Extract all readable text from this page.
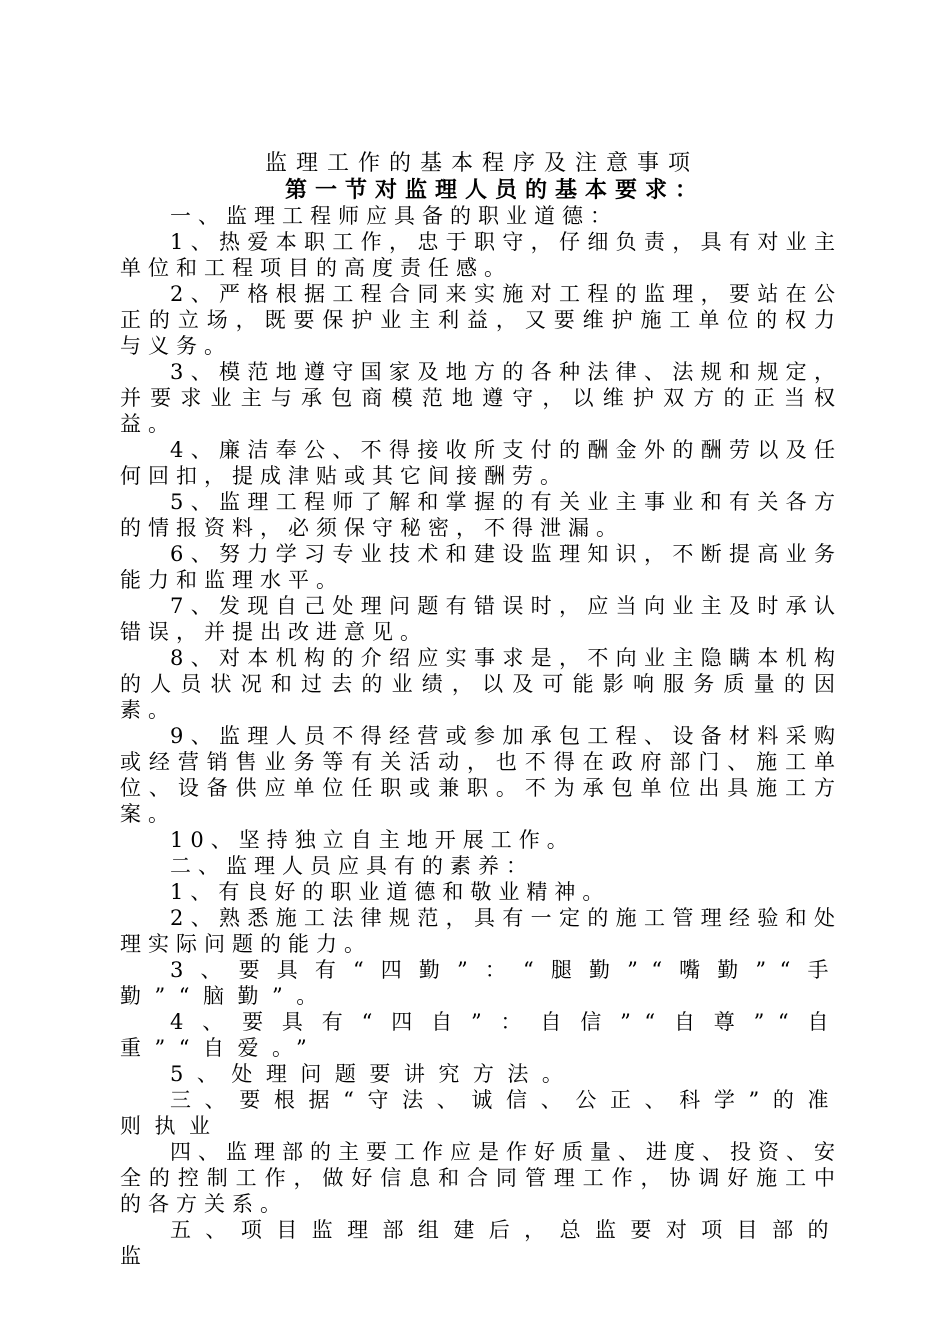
监理工作的基本程序及注意事项
第一节对监理人员的基本要求：

一、监理工程师应具备的职业道德：

1、热爱本职工作，忠于职守，仔细负责，具有对业主单位和工程项目的高度责任感。

2、严格根据工程合同来实施对工程的监理，要站在公正的立场，既要保护业主利益，又要维护施工单位的权力与义务。

3、模范地遵守国家及地方的各种法律、法规和规定，并要求业主与承包商模范地遵守，以维护双方的正当权益。

4、廉洁奉公、不得接收所支付的酬金外的酬劳以及任何回扣，提成津贴或其它间接酬劳。

5、监理工程师了解和掌握的有关业主事业和有关各方的情报资料，必须保守秘密，不得泄漏。

6、努力学习专业技术和建设监理知识，不断提高业务能力和监理水平。

7、发现自己处理问题有错误时，应当向业主及时承认错误，并提出改进意见。

8、对本机构的介绍应实事求是，不向业主隐瞒本机构的人员状况和过去的业绩，以及可能影响服务质量的因素。

9、监理人员不得经营或参加承包工程、设备材料采购或经营销售业务等有关活动，也不得在政府部门、施工单位、设备供应单位任职或兼职。不为承包单位出具施工方案。

10、坚持独立自主地开展工作。

二、监理人员应具有的素养：

1、有良好的职业道德和敬业精神。

2、熟悉施工法律规范，具有一定的施工管理经验和处理实际问题的能力。

3、要具有“四勤”：“腿勤”“嘴勤”“手勤”“脑勤”。

4、要具有“四自”：自信”“自尊”“自重”“自爱。”

5、处理问题要讲究方法。

三、要根据“守法、诚信、公正、科学”的准则执业

四、监理部的主要工作应是作好质量、进度、投资、安全的控制工作，做好信息和合同管理工作，协调好施工中的各方关系。

五、项目监理部组建后，总监要对项目部的监
